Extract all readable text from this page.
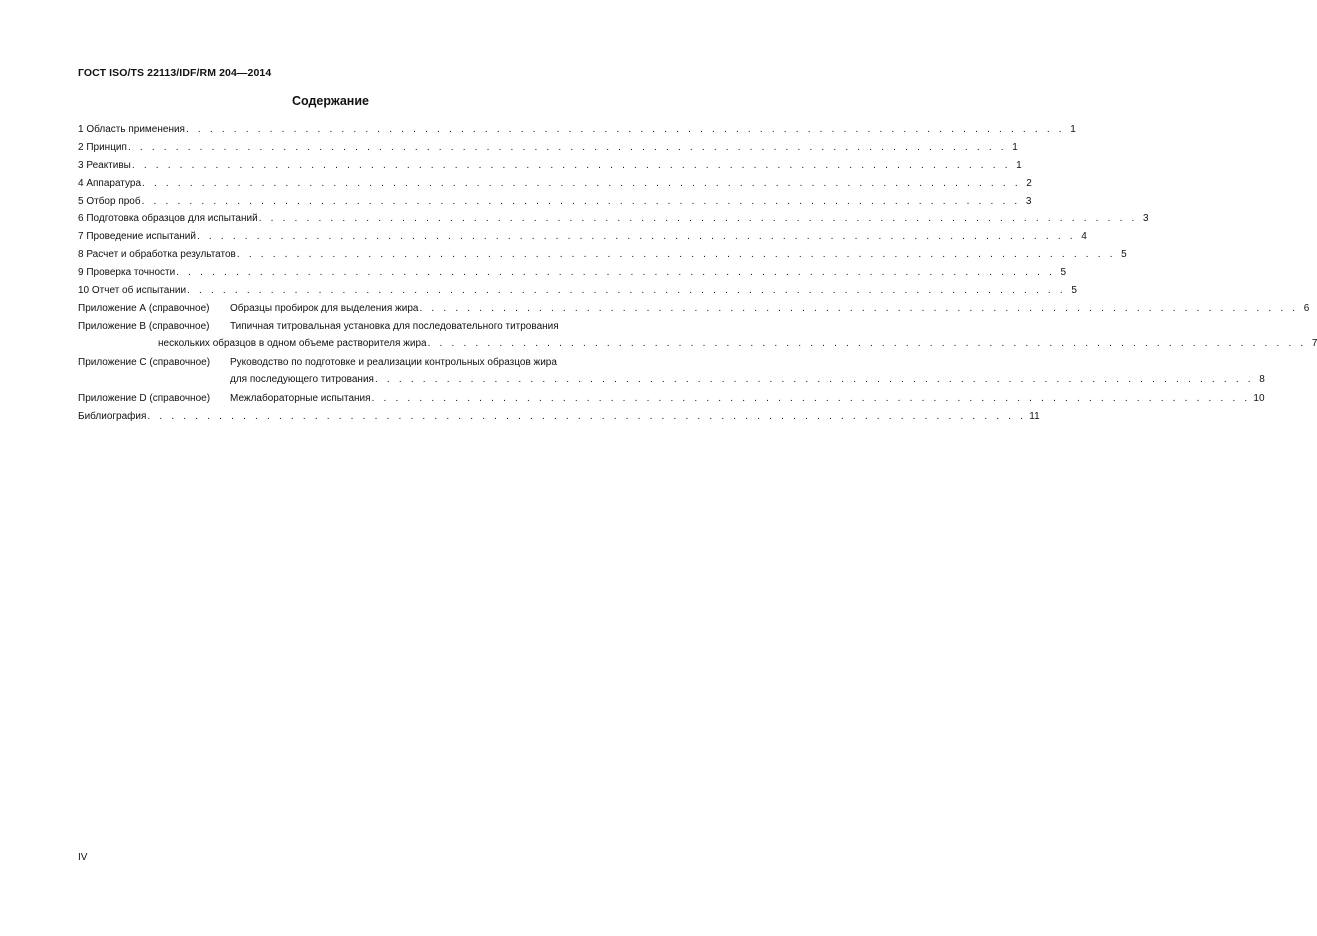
ГОСТ ISO/TS 22113/IDF/RM 204—2014
Содержание
1 Область применения . . . . . . . . . . . . . . . . . . . . . . . . . . . . . . . . . . . . . . . . . . . . . . . . . . . . . . . . . . . . . . . . . . . . . . . . . . 1
2 Принцип . . . . . . . . . . . . . . . . . . . . . . . . . . . . . . . . . . . . . . . . . . . . . . . . . . . . . . . . . . . . . . . . . . . . . . . . . . 1
3 Реактивы . . . . . . . . . . . . . . . . . . . . . . . . . . . . . . . . . . . . . . . . . . . . . . . . . . . . . . . . . . . . . . . . . . . . . . . . . . 1
4 Аппаратура . . . . . . . . . . . . . . . . . . . . . . . . . . . . . . . . . . . . . . . . . . . . . . . . . . . . . . . . . . . . . . . . . . . . . . . . . . 2
5 Отбор проб . . . . . . . . . . . . . . . . . . . . . . . . . . . . . . . . . . . . . . . . . . . . . . . . . . . . . . . . . . . . . . . . . . . . . . . . . . 3
6 Подготовка образцов для испытаний . . . . . . . . . . . . . . . . . . . . . . . . . . . . . . . . . . . . . . . . . . . . . . . . . . . . . . . . . . . . . . . . . . . . . . . . . . 3
7 Проведение испытаний . . . . . . . . . . . . . . . . . . . . . . . . . . . . . . . . . . . . . . . . . . . . . . . . . . . . . . . . . . . . . . . . . . . . . . . . . . 4
8 Расчет и обработка результатов . . . . . . . . . . . . . . . . . . . . . . . . . . . . . . . . . . . . . . . . . . . . . . . . . . . . . . . . . . . . . . . . . . . . . . . . . . 5
9 Проверка точности . . . . . . . . . . . . . . . . . . . . . . . . . . . . . . . . . . . . . . . . . . . . . . . . . . . . . . . . . . . . . . . . . . . . . . . . . . 5
10 Отчет об испытании . . . . . . . . . . . . . . . . . . . . . . . . . . . . . . . . . . . . . . . . . . . . . . . . . . . . . . . . . . . . . . . . . . . . . . . . . . 5
Приложение А (справочное)	Образцы пробирок для выделения жира . . . . . . . . . . . . . . . . . . . . . . . . . . . . . . . . . . . . . . . . . . . . . . . . . . . . . . . . . . . . . . . . . . . . . . . . . . 6
Приложение В (справочное)	Типичная титровальная установка для последовательного титрования
нескольких образцов в одном объеме растворителя жира . . . . . . . . . . . . . . . . . . . . . . . . . . . . . . . . . . . . . . . . . . . . . . . . . . . . . . . . . . . . . . . . . . . . . . . . . . 7
Приложение С (справочное)	Руководство по подготовке и реализации контрольных образцов жира
для последующего титрования . . . . . . . . . . . . . . . . . . . . . . . . . . . . . . . . . . . . . . . . . . . . . . . . . . . . . . . . . . . . . . . . . . . . . . . . . . 8
Приложение D (справочное)	Межлабораторные испытания . . . . . . . . . . . . . . . . . . . . . . . . . . . . . . . . . . . . . . . . . . . . . . . . . . . . . . . . . . . . . . . . . . . . . . . . . . 10
Библиография . . . . . . . . . . . . . . . . . . . . . . . . . . . . . . . . . . . . . . . . . . . . . . . . . . . . . . . . . . . . . . . . . . . . . . . . . . 11
IV
